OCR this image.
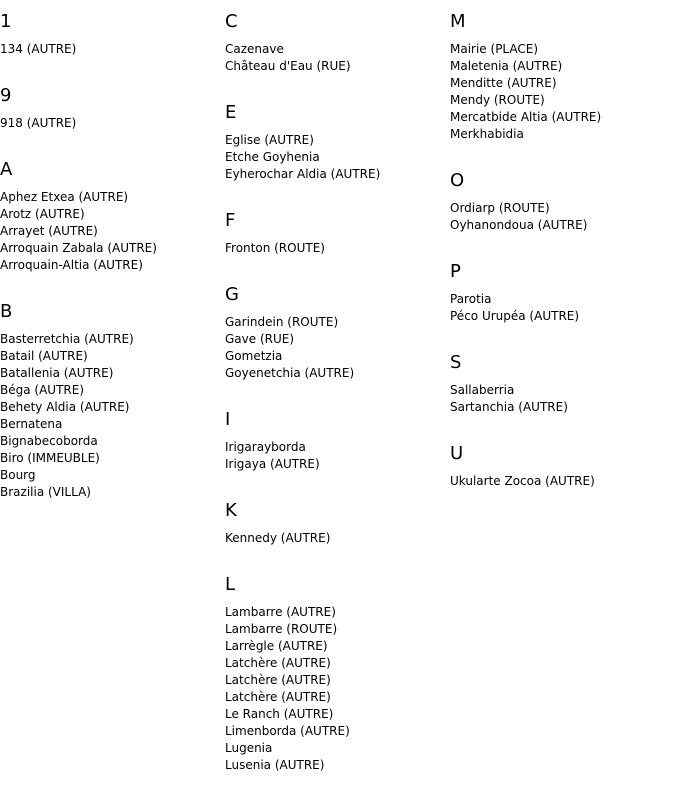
1
134 (AUTRE)
9
918 (AUTRE)
A
Aphez Etxea (AUTRE)
Arotz (AUTRE)
Arrayet (AUTRE)
Arroquain Zabala (AUTRE)
Arroquain-Altia (AUTRE)
B
Basterretchia (AUTRE)
Batail (AUTRE)
Batallenia (AUTRE)
Béga (AUTRE)
Behety Aldia (AUTRE)
Bernatena
Bignabecoborda
Biro (IMMEUBLE)
Bourg
Brazilia (VILLA)
C
Cazenave
Château d'Eau (RUE)
E
Eglise (AUTRE)
Etche Goyhenia
Eyherochar Aldia (AUTRE)
F
Fronton (ROUTE)
G
Garindein (ROUTE)
Gave (RUE)
Gometzia
Goyenetchia (AUTRE)
I
Irigarayborda
Irigaya (AUTRE)
K
Kennedy (AUTRE)
L
Lambarre (AUTRE)
Lambarre (ROUTE)
Larrègle (AUTRE)
Latchère (AUTRE)
Latchère (AUTRE)
Latchère (AUTRE)
Le Ranch (AUTRE)
Limenborda (AUTRE)
Lugenia
Lusenia (AUTRE)
M
Mairie (PLACE)
Maletenia (AUTRE)
Menditte (AUTRE)
Mendy (ROUTE)
Mercatbide Altia (AUTRE)
Merkhabidia
O
Ordiarp (ROUTE)
Oyhanondoua (AUTRE)
P
Parotia
Péco Urupéa (AUTRE)
S
Sallaberria
Sartanchia (AUTRE)
U
Ukularte Zocoa (AUTRE)
